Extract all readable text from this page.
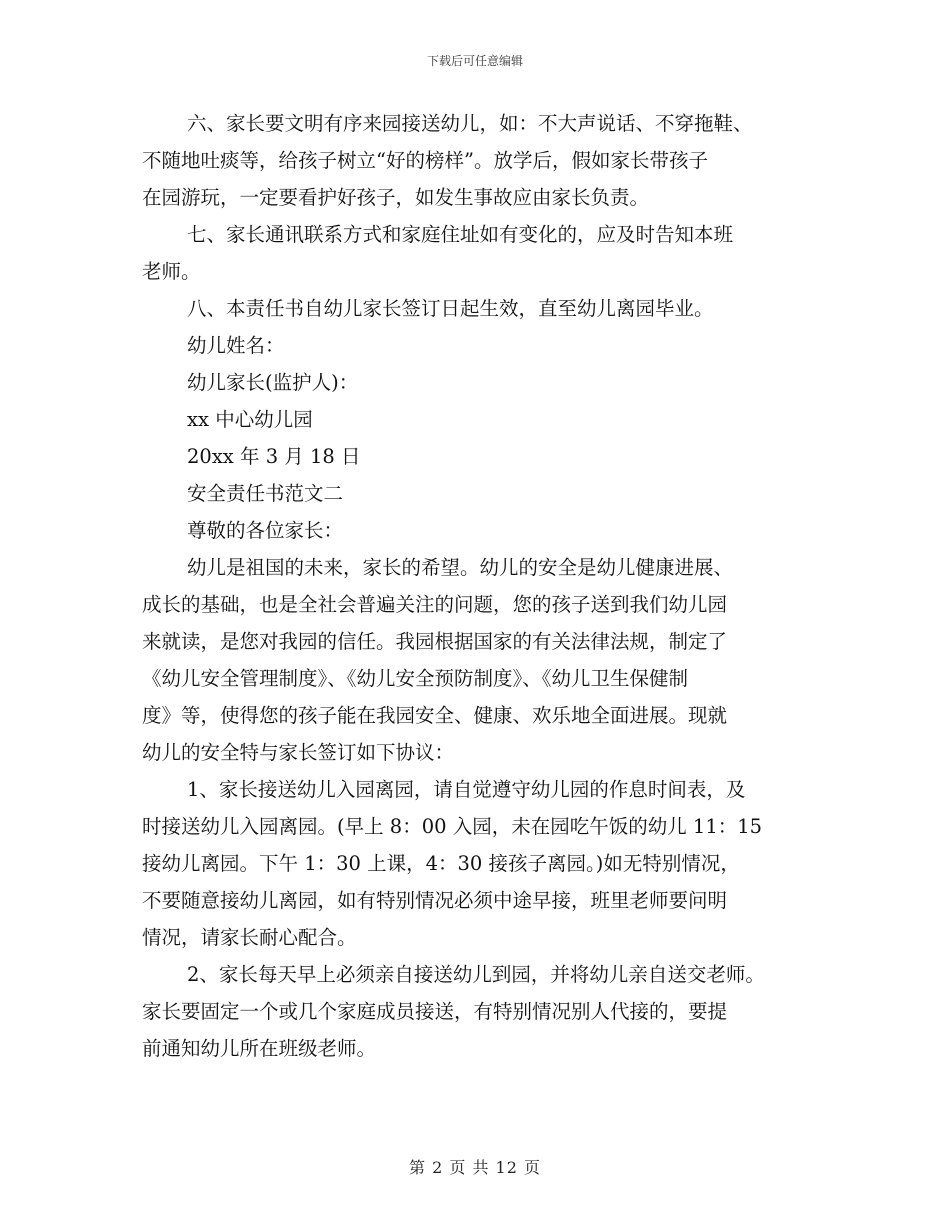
下载后可任意编辑
六、家长要文明有序来园接送幼儿，如：不大声说话、不穿拖鞋、
不随地吐痰等，给孩子树立“好的榜样”。放学后，假如家长带孩子
在园游玩，一定要看护好孩子，如发生事故应由家长负责。
七、家长通讯联系方式和家庭住址如有变化的，应及时告知本班
老师。
八、本责任书自幼儿家长签订日起生效，直至幼儿离园毕业。
幼儿姓名：
幼儿家长(监护人)：
xx 中心幼儿园
20xx 年 3 月 18 日
安全责任书范文二
尊敬的各位家长：
幼儿是祖国的未来，家长的希望。幼儿的安全是幼儿健康进展、
成长的基础，也是全社会普遍关注的问题，您的孩子送到我们幼儿园
来就读，是您对我园的信任。我园根据国家的有关法律法规，制定了
《幼儿安全管理制度》、《幼儿安全预防制度》、《幼儿卫生保健制
度》等，使得您的孩子能在我园安全、健康、欢乐地全面进展。现就
幼儿的安全特与家长签订如下协议：
1、家长接送幼儿入园离园，请自觉遵守幼儿园的作息时间表，及
时接送幼儿入园离园。(早上 8：00 入园，未在园吃午饭的幼儿 11：15
接幼儿离园。下午 1：30 上课，4：30 接孩子离园。)如无特别情况，
不要随意接幼儿离园，如有特别情况必须中途早接，班里老师要问明
情况，请家长耐心配合。
2、家长每天早上必须亲自接送幼儿到园，并将幼儿亲自送交老师。
家长要固定一个或几个家庭成员接送，有特别情况别人代接的，要提
前通知幼儿所在班级老师。
第 2 页 共 12 页
